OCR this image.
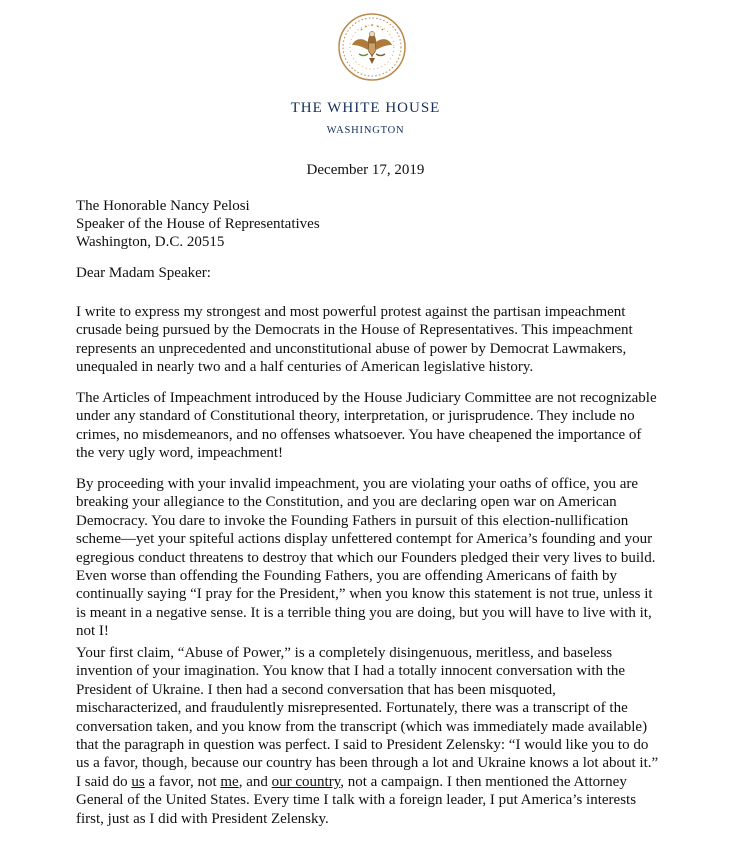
THE WHITE HOUSE
WASHINGTON
December 17, 2019
The Honorable Nancy Pelosi
Speaker of the House of Representatives
Washington, D.C. 20515
Dear Madam Speaker:
I write to express my strongest and most powerful protest against the partisan impeachment
crusade being pursued by the Democrats in the House of Representatives. This impeachment
represents an unprecedented and unconstitutional abuse of power by Democrat Lawmakers,
unequaled in nearly two and a half centuries of American legislative history.
The Articles of Impeachment introduced by the House Judiciary Committee are not recognizable
under any standard of Constitutional theory, interpretation, or jurisprudence. They include no
crimes, no misdemeanors, and no offenses whatsoever. You have cheapened the importance of
the very ugly word, impeachment!
By proceeding with your invalid impeachment, you are violating your oaths of office, you are
breaking your allegiance to the Constitution, and you are declaring open war on American
Democracy. You dare to invoke the Founding Fathers in pursuit of this election-nullification
scheme—yet your spiteful actions display unfettered contempt for America’s founding and your
egregious conduct threatens to destroy that which our Founders pledged their very lives to build.
Even worse than offending the Founding Fathers, you are offending Americans of faith by
continually saying “I pray for the President,” when you know this statement is not true, unless it
is meant in a negative sense. It is a terrible thing you are doing, but you will have to live with it,
not I!
Your first claim, “Abuse of Power,” is a completely disingenuous, meritless, and baseless
invention of your imagination. You know that I had a totally innocent conversation with the
President of Ukraine. I then had a second conversation that has been misquoted,
mischaracterized, and fraudulently misrepresented. Fortunately, there was a transcript of the
conversation taken, and you know from the transcript (which was immediately made available)
that the paragraph in question was perfect. I said to President Zelensky: “I would like you to do
us a favor, though, because our country has been through a lot and Ukraine knows a lot about it.”
I said do us a favor, not me, and our country, not a campaign. I then mentioned the Attorney
General of the United States. Every time I talk with a foreign leader, I put America’s interests
first, just as I did with President Zelensky.
